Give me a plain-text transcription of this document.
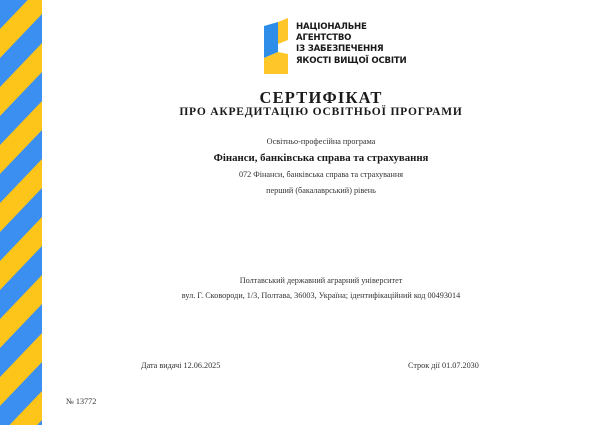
НАЦІОНАЛЬНЕ
АГЕНТСТВО
ІЗ ЗАБЕЗПЕЧЕННЯ
ЯКОСТІ ВИЩОЇ ОСВІТИ
СЕРТИФІКАТ
ПРО АКРЕДИТАЦІЮ ОСВІТНЬОЇ ПРОГРАМИ
Освітньо-професійна програма
Фінанси, банківська справа та страхування
072 Фінанси, банківська справа та страхування
перший (бакалаврський) рівень
Полтавський державний аграрний університет
вул. Г. Сковороди, 1/3, Полтава, 36003, Україна; ідентифікаційний код 00493014
Дата видачі 12.06.2025	Строк дії 01.07.2030
№ 13772
